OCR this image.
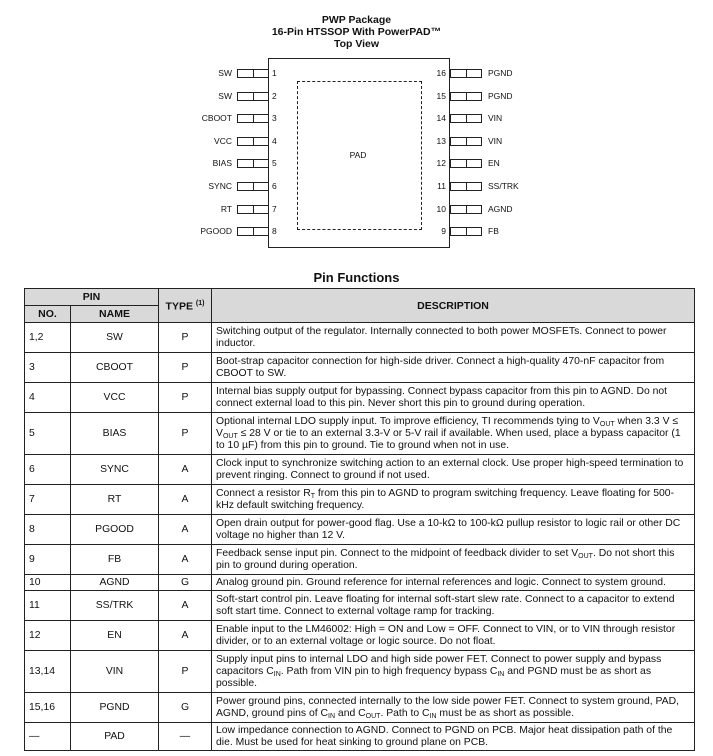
PWP Package
16-Pin HTSSOP With PowerPAD™
Top View
PAD
SW	1
SW	2
CBOOT	3
VCC	4
BIAS	5
SYNC	6
RT	7
PGOOD	8
PGND
16
PGND
15
VIN
14
VIN
13
EN
12
SS/TRK
11
AGND
10
FB
9
Pin Functions
PIN		TYPE $^{(1)}$	DESCRIPTION
NO.	NAME		
1,2	SW	P	Switching output of the regulator. Internally connected to both power MOSFETs. Connect to power inductor.
3	CBOOT	P	Boot-strap capacitor connection for high-side driver. Connect a high-quality 470-nF capacitor from CBOOT to SW.
4	VCC	P	Internal bias supply output for bypassing. Connect bypass capacitor from this pin to AGND. Do not connect external load to this pin. Never short this pin to ground during operation.
5	BIAS	P	Optional internal LDO supply input. To improve efficiency, TI recommends tying to $V_{OUT}$ when 3.3 $V \le V_{OUT} \le 28$ V or tie to an external 3.3-V or 5-V rail if available. When used, place a bypass capacitor (1 to 10 µF) from this pin to ground. Tie to ground when not in use.
6	SYNC	A	Clock input to synchronize switching action to an external clock. Use proper high-speed termination to prevent ringing. Connect to ground if not used.
7	RT	A	Connect a resistor $R_T$ from this pin to AGND to program switching frequency. Leave floating for 500-kHz default switching frequency.
8	PGOOD	A	Open drain output for power-good flag. Use a 10-kΩ to 100-kΩ pullup resistor to logic rail or other DC voltage no higher than 12 V.
9	FB	A	Feedback sense input pin. Connect to the midpoint of feedback divider to set $V_{OUT}$. Do not short this pin to ground during operation.
10	AGND	G	Analog ground pin. Ground reference for internal references and logic. Connect to system ground.
11	SS/TRK	A	Soft-start control pin. Leave floating for internal soft-start slew rate. Connect to a capacitor to extend soft start time. Connect to external voltage ramp for tracking.
12	EN	A	Enable input to the LM46002: High = ON and Low = OFF. Connect to VIN, or to VIN through resistor divider, or to an external voltage or logic source. Do not float.
13,14	VIN	P	Supply input pins to internal LDO and high side power FET. Connect to power supply and bypass capacitors $C_{IN}$. Path from VIN pin to high frequency bypass $C_{IN}$ and PGND must be as short as possible.
15,16	PGND	G	Power ground pins, connected internally to the low side power FET. Connect to system ground, PAD, AGND, ground pins of $C_{IN}$ and $C_{OUT}$. Path to $C_{IN}$ must be as short as possible.
—	PAD	—	Low impedance connection to AGND. Connect to PGND on PCB. Major heat dissipation path of the die. Must be used for heat sinking to ground plane on PCB.
